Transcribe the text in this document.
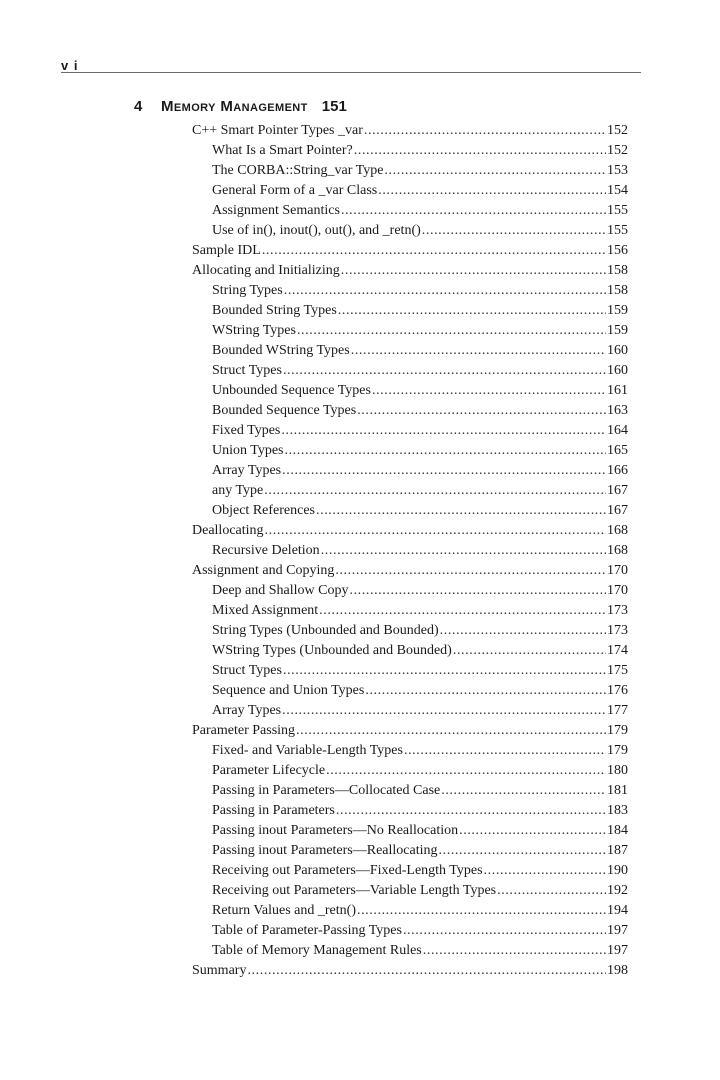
v i
4 Memory Management 151
C++ Smart Pointer Types _var .....	152
What Is a Smart Pointer? .....	152
The CORBA::String_var Type .....	153
General Form of a _var Class .....	154
Assignment Semantics .....	155
Use of in(), inout(), out(), and _retn() .....	155
Sample IDL .....	156
Allocating and Initializing .....	158
String Types .....	158
Bounded String Types .....	159
WString Types .....	159
Bounded WString Types .....	160
Struct Types .....	160
Unbounded Sequence Types .....	161
Bounded Sequence Types .....	163
Fixed Types .....	164
Union Types .....	165
Array Types .....	166
any Type .....	167
Object References .....	167
Deallocating .....	168
Recursive Deletion .....	168
Assignment and Copying .....	170
Deep and Shallow Copy .....	170
Mixed Assignment .....	173
String Types (Unbounded and Bounded) .....	173
WString Types (Unbounded and Bounded) .....	174
Struct Types .....	175
Sequence and Union Types .....	176
Array Types .....	177
Parameter Passing .....	179
Fixed- and Variable-Length Types .....	179
Parameter Lifecycle .....	180
Passing in Parameters—Collocated Case .....	181
Passing in Parameters .....	183
Passing inout Parameters—No Reallocation .....	184
Passing inout Parameters—Reallocating .....	187
Receiving out Parameters—Fixed-Length Types .....	190
Receiving out Parameters—Variable Length Types .....	192
Return Values and _retn() .....	194
Table of Parameter-Passing Types .....	197
Table of Memory Management Rules .....	197
Summary .....	198
